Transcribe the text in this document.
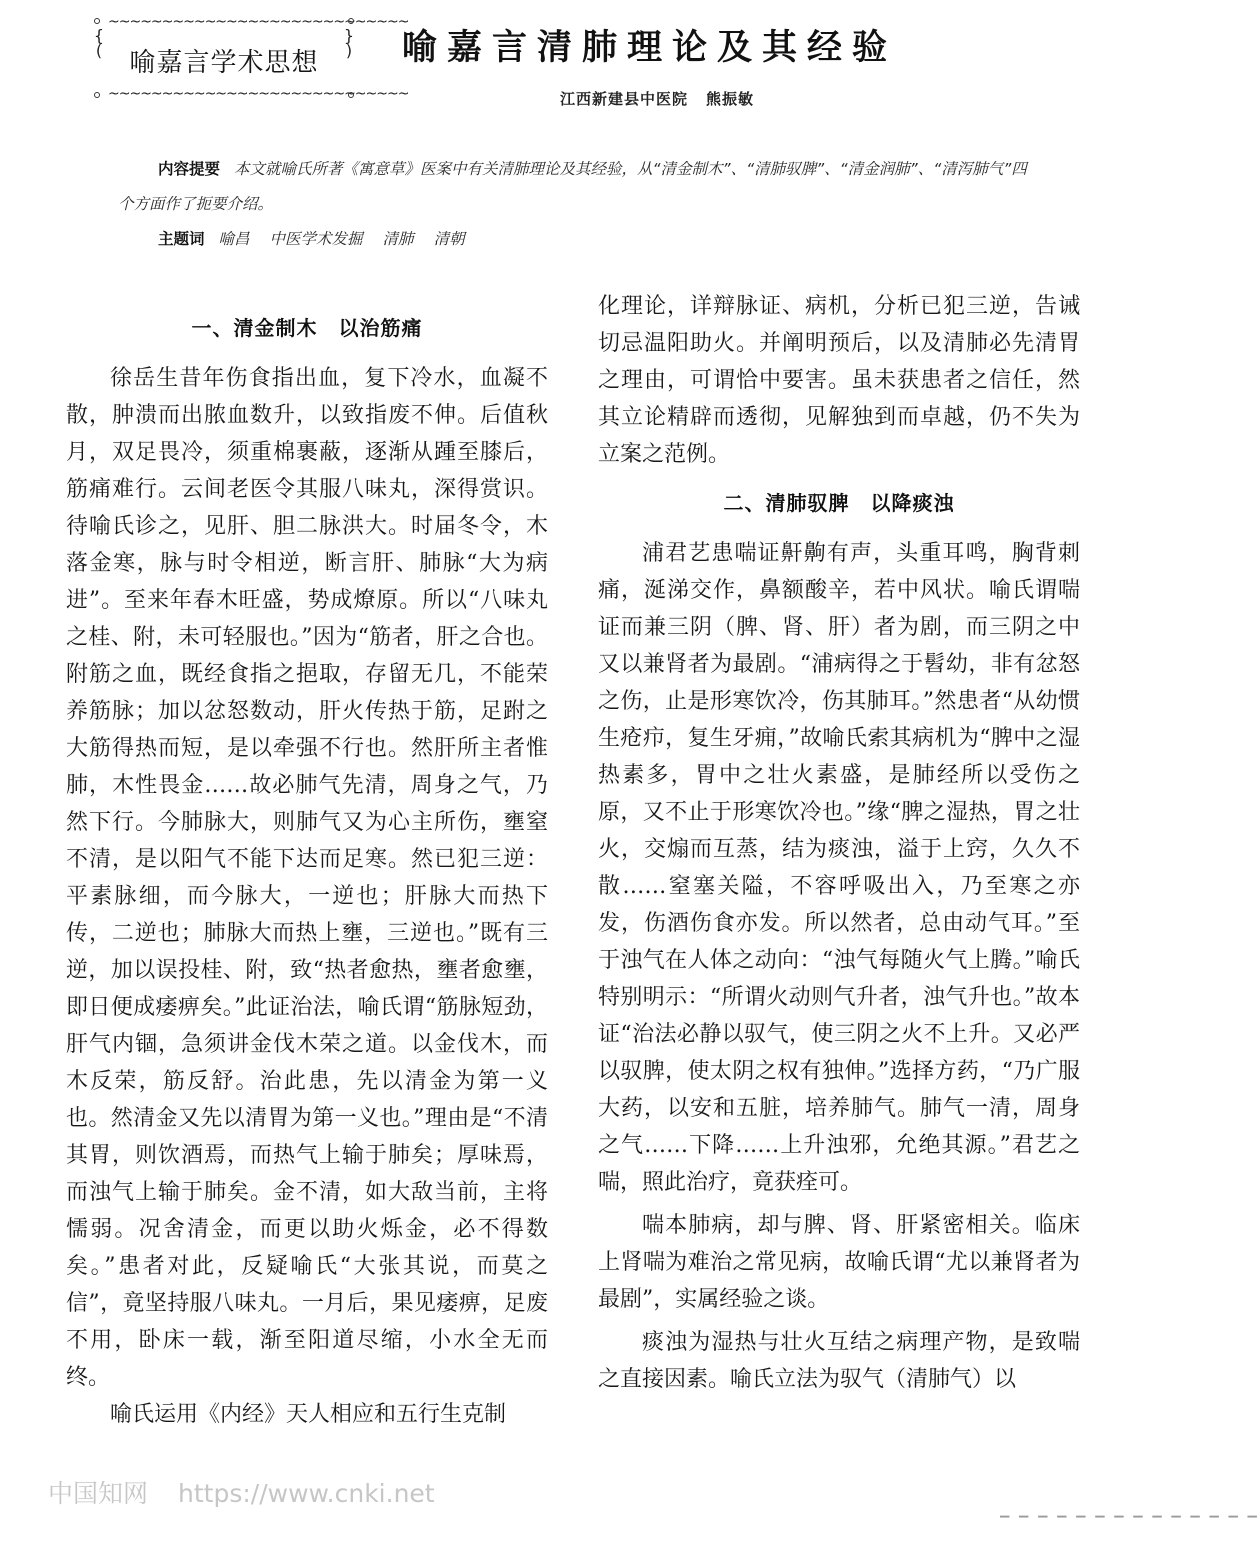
~~~~~~~~~~~~~~~~~~~~~~~~~~~~
~~~~~~~~~~~~~~~~~~~~~~~~~~~~
{
(
}
)
喻嘉言学术思想	喻嘉言清肺理论及其经验
江西新建县中医院 熊振敏

内容提要 本文就喻氏所著《寓意草》医案中有关清肺理论及其经验，从“清金制木”、“清肺驭脾”、“清金润肺”、“清泻肺气”四个方面作了扼要介绍。

主题词 喻昌 中医学术发掘 清肺 清朝
一、清金制木　以治筋痛

徐岳生昔年伤食指出血，复下冷水，血凝不散，肿溃而出脓血数升，以致指废不伸。后值秋月，双足畏冷，须重棉裹蔽，逐渐从踵至膝后，筋痛难行。云间老医令其服八味丸，深得赏识。待喻氏诊之，见肝、胆二脉洪大。时届冬令，木落金寒，脉与时令相逆，断言肝、肺脉“大为病进”。至来年春木旺盛，势成燎原。所以“八味丸之桂、附，未可轻服也。”因为“筋者，肝之合也。附筋之血，既经食指之挹取，存留无几，不能荣养筋脉；加以忿怒数动，肝火传热于筋，足跗之大筋得热而短，是以牵强不行也。然肝所主者惟肺，木性畏金……故必肺气先清，周身之气，乃然下行。今肺脉大，则肺气又为心主所伤，壅窒不清，是以阳气不能下达而足寒。然已犯三逆：平素脉细，而今脉大，一逆也；肝脉大而热下传，二逆也；肺脉大而热上壅，三逆也。”既有三逆，加以误投桂、附，致“热者愈热，壅者愈壅，即日便成痿痹矣。”此证治法，喻氏谓“筋脉短劲，肝气内锢，急须讲金伐木荣之道。以金伐木，而木反荣，筋反舒。治此患，先以清金为第一义也。然清金又先以清胃为第一义也。”理由是“不清其胃，则饮酒焉，而热气上输于肺矣；厚味焉，而浊气上输于肺矣。金不清，如大敌当前，主将懦弱。况舍清金，而更以助火烁金，必不得数矣。”患者对此，反疑喻氏“大张其说，而莫之信”，竟坚持服八味丸。一月后，果见痿痹，足废不用，卧床一载，渐至阳道尽缩，小水全无而终。

喻氏运用《内经》天人相应和五行生克制

化理论，详辩脉证、病机，分析已犯三逆，告诫切忌温阳助火。并阐明预后，以及清肺必先清胃之理由，可谓恰中要害。虽未获患者之信任，然其立论精辟而透彻，见解独到而卓越，仍不失为立案之范例。

二、清肺驭脾　以降痰浊

浦君艺患喘证鼾齁有声，头重耳鸣，胸背刺痛，涎涕交作，鼻额酸辛，若中风状。喻氏谓喘证而兼三阴（脾、肾、肝）者为剧，而三阴之中又以兼肾者为最剧。“浦病得之于髫幼，非有忿怒之伤，止是形寒饮冷，伤其肺耳。”然患者“从幼惯生疮疖，复生牙痈，”故喻氏索其病机为“脾中之湿热素多，胃中之壮火素盛，是肺经所以受伤之原，又不止于形寒饮冷也。”缘“脾之湿热，胃之壮火，交煽而互蒸，结为痰浊，溢于上窍，久久不散……窒塞关隘，不容呼吸出入，乃至寒之亦发，伤酒伤食亦发。所以然者，总由动气耳。”至于浊气在人体之动向：“浊气每随火气上腾。”喻氏特别明示：“所谓火动则气升者，浊气升也。”故本证“治法必静以驭气，使三阴之火不上升。又必严以驭脾，使太阴之权有独伸。”选择方药，“乃广服大药，以安和五脏，培养肺气。肺气一清，周身之气……下降……上升浊邪，允绝其源。”君艺之喘，照此治疗，竟获痊可。

喘本肺病，却与脾、肾、肝紧密相关。临床上肾喘为难治之常见病，故喻氏谓“尤以兼肾者为最剧”，实属经验之谈。

痰浊为湿热与壮火互结之病理产物，是致喘之直接因素。喻氏立法为驭气（清肺气）以

中国知网 https://www.cnki.net
▔ ▔ ▔ ▔ ▔ ▔ ▔ ▔ ▔ ▔ ▔ ▔ ▔ ▔
